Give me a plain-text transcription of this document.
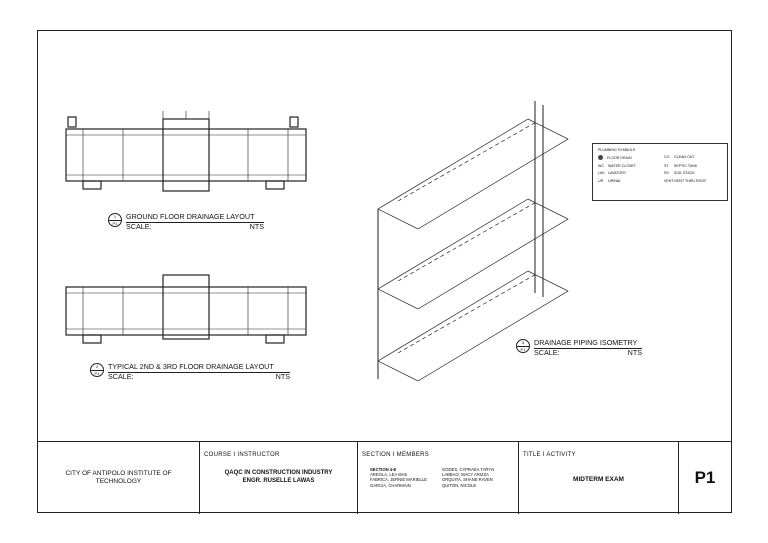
1
P1
GROUND FLOOR DRAINAGE LAYOUT
SCALE:	NTS
2
P1
TYPICAL 2ND & 3RD FLOOR DRAINAGE LAYOUT
SCALE:	NTS
3
P1
DRAINAGE PIPING ISOMETRY
SCALE:	NTS
PLUMBING SYMBOLS
FLOOR DRAIN	CO CLEAN OUT
WC	WATER CLOSET	ST SEPTIC TANK
LAV LAVATORY	SS SOIL STACK
UR	URINAL	VENT/VENT THRU ROOF
CITY OF ANTIPOLO INSTITUTE OF TECHNOLOGY
COURSE I INSTRUCTOR
QAQC IN CONSTRUCTION INDUSTRY
ENGR. RUSELLE LAWAS
SECTION I MEMBERS
SECTION 4-E
AREOLA, LEA MAE
FABRICA, JERNIE MARIELLE
GARCIA, CHARMAIN
GODES, CYPRAEA TARYN
LABBAO, MACY ARIZZA
ORQUITA, SHANE RAVEN
QUITON, NICOLE
TITLE I ACTIVITY
MIDTERM EXAM	P1
